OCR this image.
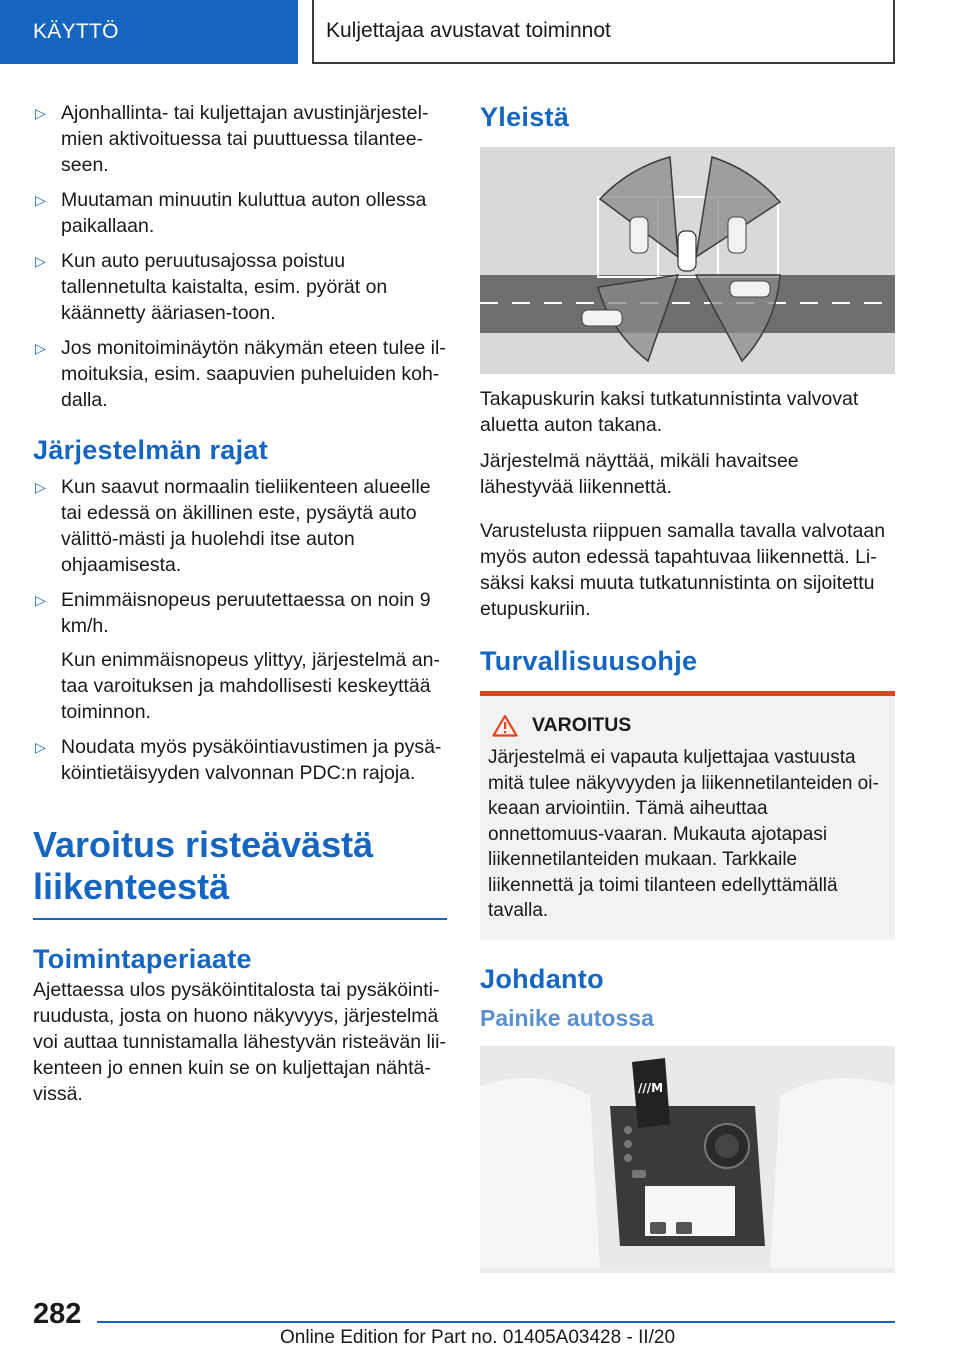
KÄYTTÖ	Kuljettajaa avustavat toiminnot
▷ Ajonhallinta- tai kuljettajan avustinjärjestel-mien aktivoituessa tai puuttuessa tilantee-seen.
▷ Muutaman minuutin kuluttua auton ollessa paikallaan.
▷ Kun auto peruutusajossa poistuu tallennetulta kaistalta, esim. pyörät on käännetty ääriasen-toon.
▷ Jos monitoiminäytön näkymän eteen tulee il-moituksia, esim. saapuvien puheluiden koh-dalla.
Järjestelmän rajat
▷ Kun saavut normaalin tieliikenteen alueelle tai edessä on äkillinen este, pysäytä auto välittö-mästi ja huolehdi itse auton ohjaamisesta.
▷ Enimmäisnopeus peruutettaessa on noin 9 km/h.

Kun enimmäisnopeus ylittyy, järjestelmä an-taa varoituksen ja mahdollisesti keskeyttää toiminnon.

▷ Noudata myös pysäköintiavustimen ja pysä-köintietäisyyden valvonnan PDC:n rajoja.
Varoitus risteävästä liikenteestä
Toimintaperiaate

Ajettaessa ulos pysäköintitalosta tai pysäköinti-ruudusta, josta on huono näkyvyys, järjestelmä voi auttaa tunnistamalla lähestyvän risteävän lii-kenteen jo ennen kuin se on kuljettajan nähtä-vissä.

Yleistä

Takapuskurin kaksi tutkatunnistinta valvovat aluetta auton takana.

Järjestelmä näyttää, mikäli havaitsee lähestyvää liikennettä.

Varustelusta riippuen samalla tavalla valvotaan myös auton edessä tapahtuvaa liikennettä. Li-säksi kaksi muuta tutkatunnistinta on sijoitettu etupuskuriin.

Turvallisuusohje
VAROITUS

Järjestelmä ei vapauta kuljettajaa vastuusta mitä tulee näkyvyyden ja liikennetilanteiden oi-keaan arviointiin. Tämä aiheuttaa onnettomuus-vaaran. Mukauta ajotapasi liikennetilanteiden mukaan. Tarkkaile liikennettä ja toimi tilanteen edellyttämällä tavalla.

Johdanto
Painike autossa
///M
282
Online Edition for Part no. 01405A03428 - II/20
